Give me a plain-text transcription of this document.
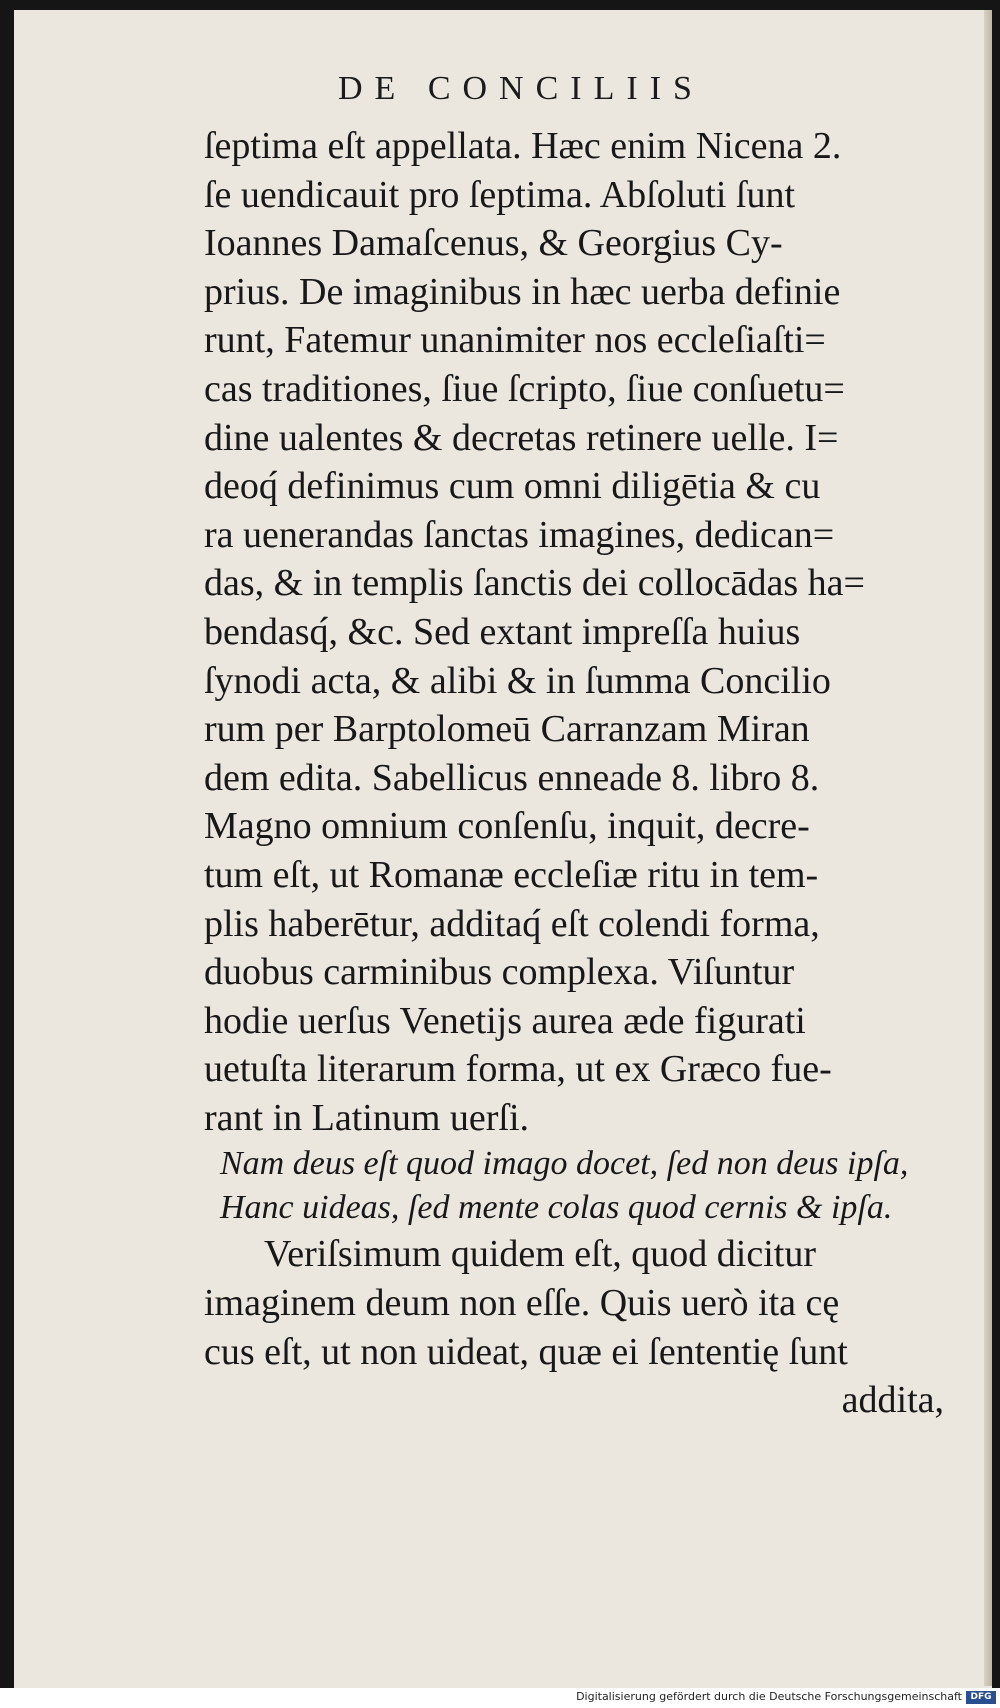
DE CONCILIIS
ſeptima eſt appellata. Hæc enim Nicena 2.
ſe uendicauit pro ſeptima. Abſoluti ſunt
Ioannes Damaſcenus, & Georgius Cy-
prius. De imaginibus in hæc uerba definie
runt, Fatemur unanimiter nos eccleſiaſti=
cas traditiones, ſiue ſcripto, ſiue conſuetu=
dine ualentes & decretas retinere uelle. I=
deoq́ definimus cum omni diligētia & cu
ra uenerandas ſanctas imagines, dedican=
das, & in templis ſanctis dei collocādas ha=
bendasq́, &c. Sed extant impreſſa huius
ſynodi acta, & alibi & in ſumma Concilio
rum per Barptolomeū Carranzam Miran
dem edita. Sabellicus enneade 8. libro 8.
Magno omnium conſenſu, inquit, decre-
tum eſt, ut Romanæ eccleſiæ ritu in tem-
plis haberētur, additaq́ eſt colendi forma,
duobus carminibus complexa. Viſuntur
hodie uerſus Venetijs aurea æde figurati
uetuſta literarum forma, ut ex Græco fue-
rant in Latinum uerſi.
Nam deus eſt quod imago docet, ſed non deus ipſa,
Hanc uideas, ſed mente colas quod cernis & ipſa.
Veriſsimum quidem eſt, quod dicitur
imaginem deum non eſſe. Quis uerò ita cę
cus eſt, ut non uideat, quæ ei ſententię ſunt
addita,
Digitalisierung gefördert durch die Deutsche Forschungsgemeinschaft DFG
